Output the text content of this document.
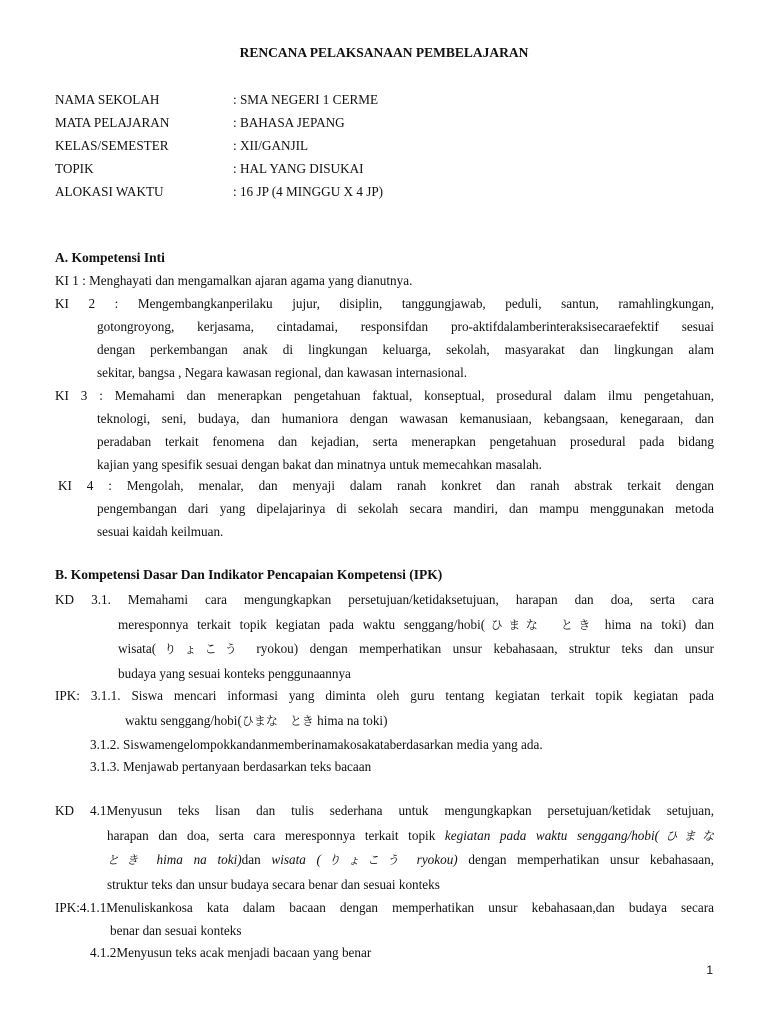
RENCANA PELAKSANAAN PEMBELAJARAN
NAMA SEKOLAH	: SMA NEGERI 1 CERME
MATA PELAJARAN	: BAHASA JEPANG
KELAS/SEMESTER	: XII/GANJIL
TOPIK	: HAL YANG DISUKAI
ALOKASI WAKTU	: 16 JP (4 MINGGU X 4 JP)
A. Kompetensi Inti
KI 1 : Menghayati dan mengamalkan ajaran agama yang dianutnya.
KI 2 : Mengembangkanperilaku jujur, disiplin, tanggungjawab, peduli, santun, ramahlingkungan,
gotongroyong, kerjasama, cintadamai, responsifdan pro-aktifdalamberinteraksisecaraefektif sesuai
dengan perkembangan anak di lingkungan keluarga, sekolah, masyarakat dan lingkungan alam
sekitar, bangsa , Negara kawasan regional, dan kawasan internasional.
KI 3 : Memahami dan menerapkan pengetahuan faktual, konseptual, prosedural dalam ilmu pengetahuan,
teknologi, seni, budaya, dan humaniora dengan wawasan kemanusiaan, kebangsaan, kenegaraan, dan
peradaban terkait fenomena dan kejadian, serta menerapkan pengetahuan prosedural pada bidang
kajian yang spesifik sesuai dengan bakat dan minatnya untuk memecahkan masalah.
KI 4 : Mengolah, menalar, dan menyaji dalam ranah konkret dan ranah abstrak terkait dengan
pengembangan dari yang dipelajarinya di sekolah secara mandiri, dan mampu menggunakan metoda
sesuai kaidah keilmuan.
B. Kompetensi Dasar Dan Indikator Pencapaian Kompetensi (IPK)
KD 3.1. Memahami cara mengungkapkan persetujuan/ketidaksetujuan, harapan dan doa, serta cara
meresponnya terkait topik kegiatan pada waktu senggang/hobi(ひまな　とき hima na toki) dan
wisata(りょこう ryokou) dengan memperhatikan unsur kebahasaan, struktur teks dan unsur
budaya yang sesuai konteks penggunaannya
IPK: 3.1.1. Siswa mencari informasi yang diminta oleh guru tentang kegiatan terkait topik kegiatan pada
waktu senggang/hobi(ひまな　とき hima na toki)
3.1.2. Siswamengelompokkandanmemberinamakosakataberdasarkan media yang ada.
3.1.3. Menjawab pertanyaan berdasarkan teks bacaan
KD 4.1Menyusun teks lisan dan tulis sederhana untuk mengungkapkan persetujuan/ketidak setujuan,
harapan dan doa, serta cara meresponnya terkait topik kegiatan pada waktu senggang/hobi(ひまな
とき hima na toki)dan wisata (りょこう ryokou) dengan memperhatikan unsur kebahasaan,
struktur teks dan unsur budaya secara benar dan sesuai konteks
IPK:4.1.1Menuliskankosa kata dalam bacaan dengan memperhatikan unsur kebahasaan,dan budaya secara
benar dan sesuai konteks
4.1.2Menyusun teks acak menjadi bacaan yang benar
1
